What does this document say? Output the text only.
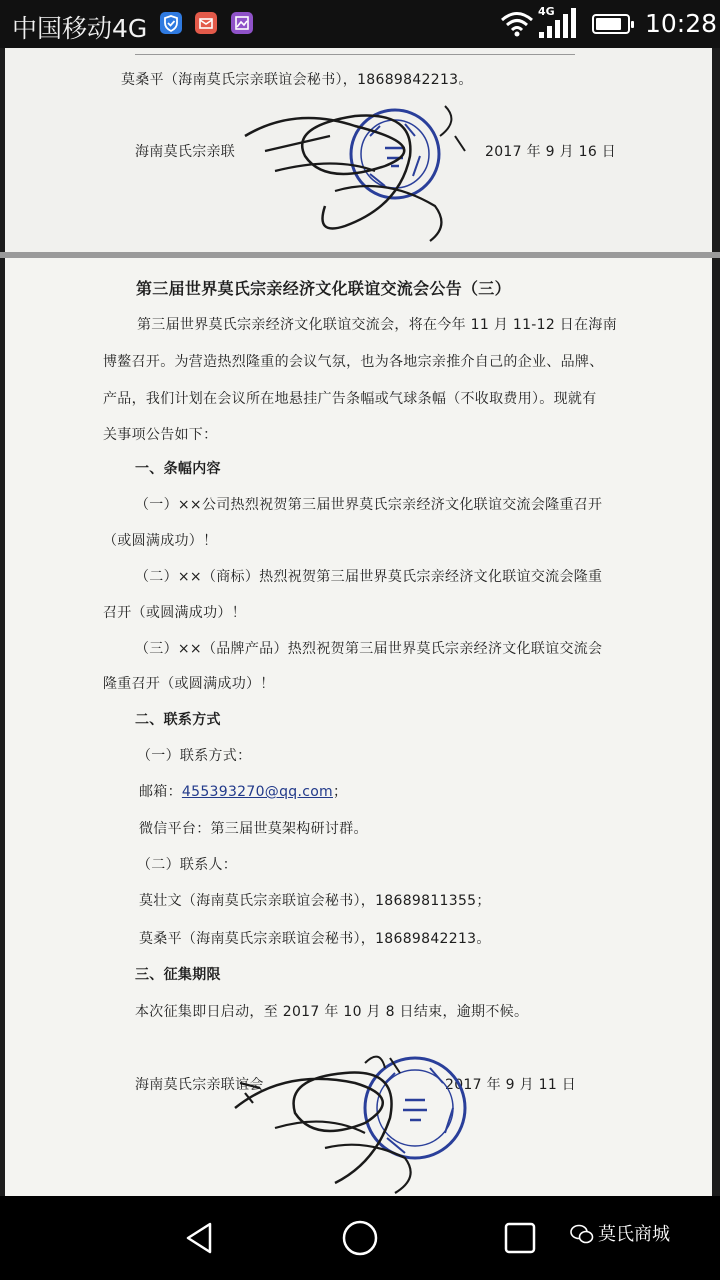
中国移动4G
4G	10:28
莫桑平（海南莫氏宗亲联谊会秘书），18689842213。
海南莫氏宗亲联	2017 年 9 月 16 日
第三届世界莫氏宗亲经济文化联谊交流会公告（三）
第三届世界莫氏宗亲经济文化联谊交流会，将在今年 11 月 11-12 日在海南
博鳌召开。为营造热烈隆重的会议气氛，也为各地宗亲推介自己的企业、品牌、
产品，我们计划在会议所在地悬挂广告条幅或气球条幅（不收取费用）。现就有
关事项公告如下：
一、条幅内容
（一）××公司热烈祝贺第三届世界莫氏宗亲经济文化联谊交流会隆重召开
（或圆满成功）！
（二）××（商标）热烈祝贺第三届世界莫氏宗亲经济文化联谊交流会隆重
召开（或圆满成功）！
（三）××（品牌产品）热烈祝贺第三届世界莫氏宗亲经济文化联谊交流会
隆重召开（或圆满成功）！
二、联系方式
（一）联系方式：
邮箱：455393270@qq.com；
微信平台：第三届世莫架构研讨群。
（二）联系人：
莫壮文（海南莫氏宗亲联谊会秘书），18689811355；
莫桑平（海南莫氏宗亲联谊会秘书），18689842213。
三、征集期限
本次征集即日启动，至 2017 年 10 月 8 日结束，逾期不候。
海南莫氏宗亲联谊会	2017 年 9 月 11 日
莫氏商城
